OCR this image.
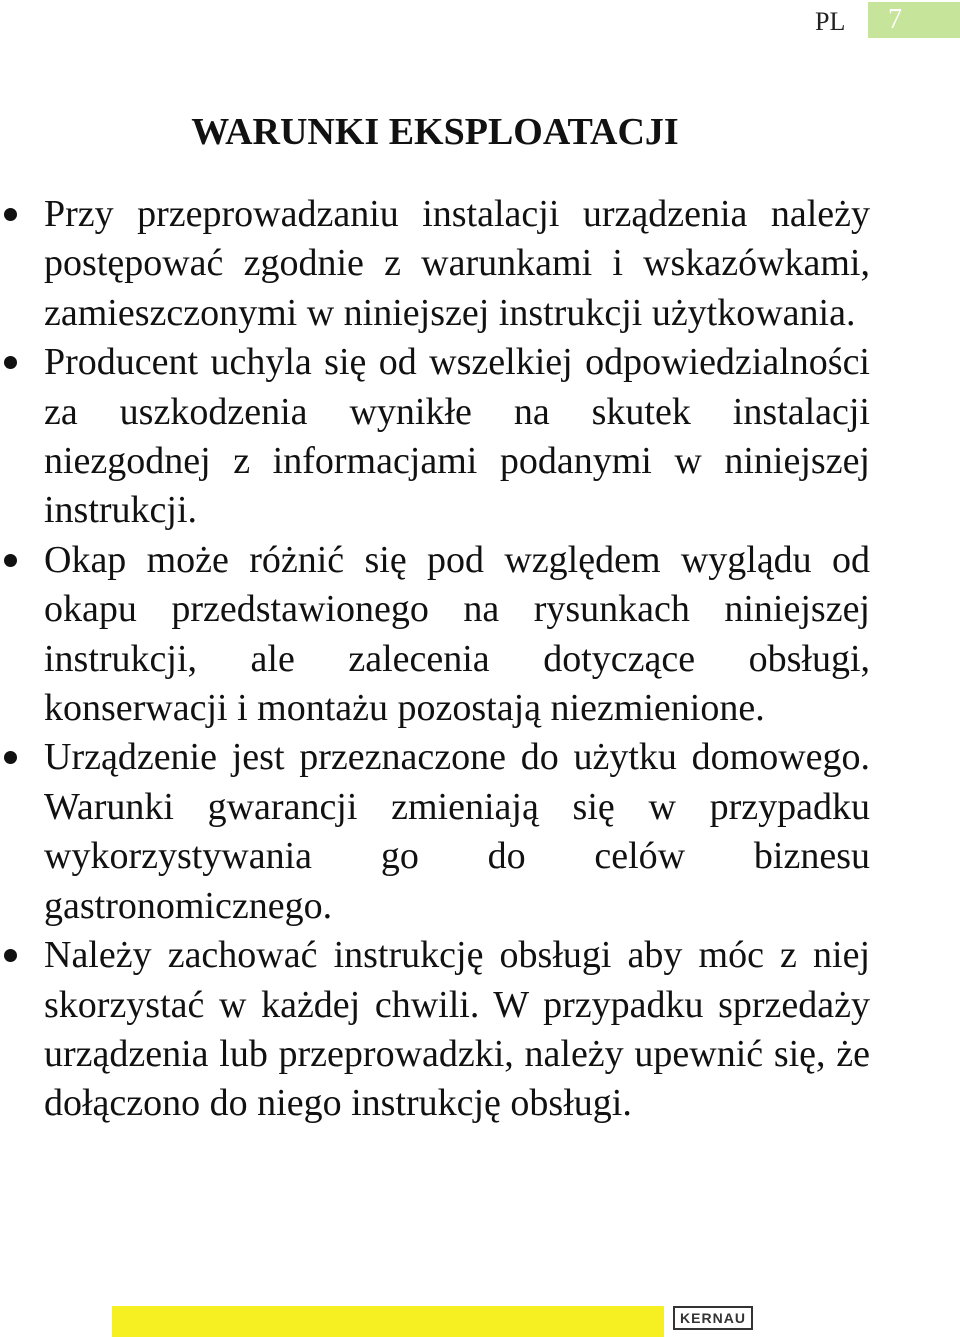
PL 7
WARUNKI EKSPLOATACJI
Przy przeprowadzaniu instalacji urządzenia należy postępować zgodnie z warunkami i wskazówkami, zamieszczonymi w niniejszej instrukcji użytkowania.
Producent uchyla się od wszelkiej odpowiedzialności za uszkodzenia wynikłe na skutek instalacji niezgodnej z informacjami podanymi w niniejszej instrukcji.
Okap może różnić się pod względem wyglądu od okapu przedstawionego na rysunkach niniejszej instrukcji, ale zalecenia dotyczące obsługi, konserwacji i montażu pozostają niezmienione.
Urządzenie jest przeznaczone do użytku domowego. Warunki gwarancji zmieniają się w przypadku wykorzystywania go do celów biznesu gastronomicznego.
Należy zachować instrukcję obsługi aby móc z niej skorzystać w każdej chwili. W przypadku sprzedaży urządzenia lub przeprowadzki, należy upewnić się, że dołączono do niego instrukcję obsługi.
KERNAU
